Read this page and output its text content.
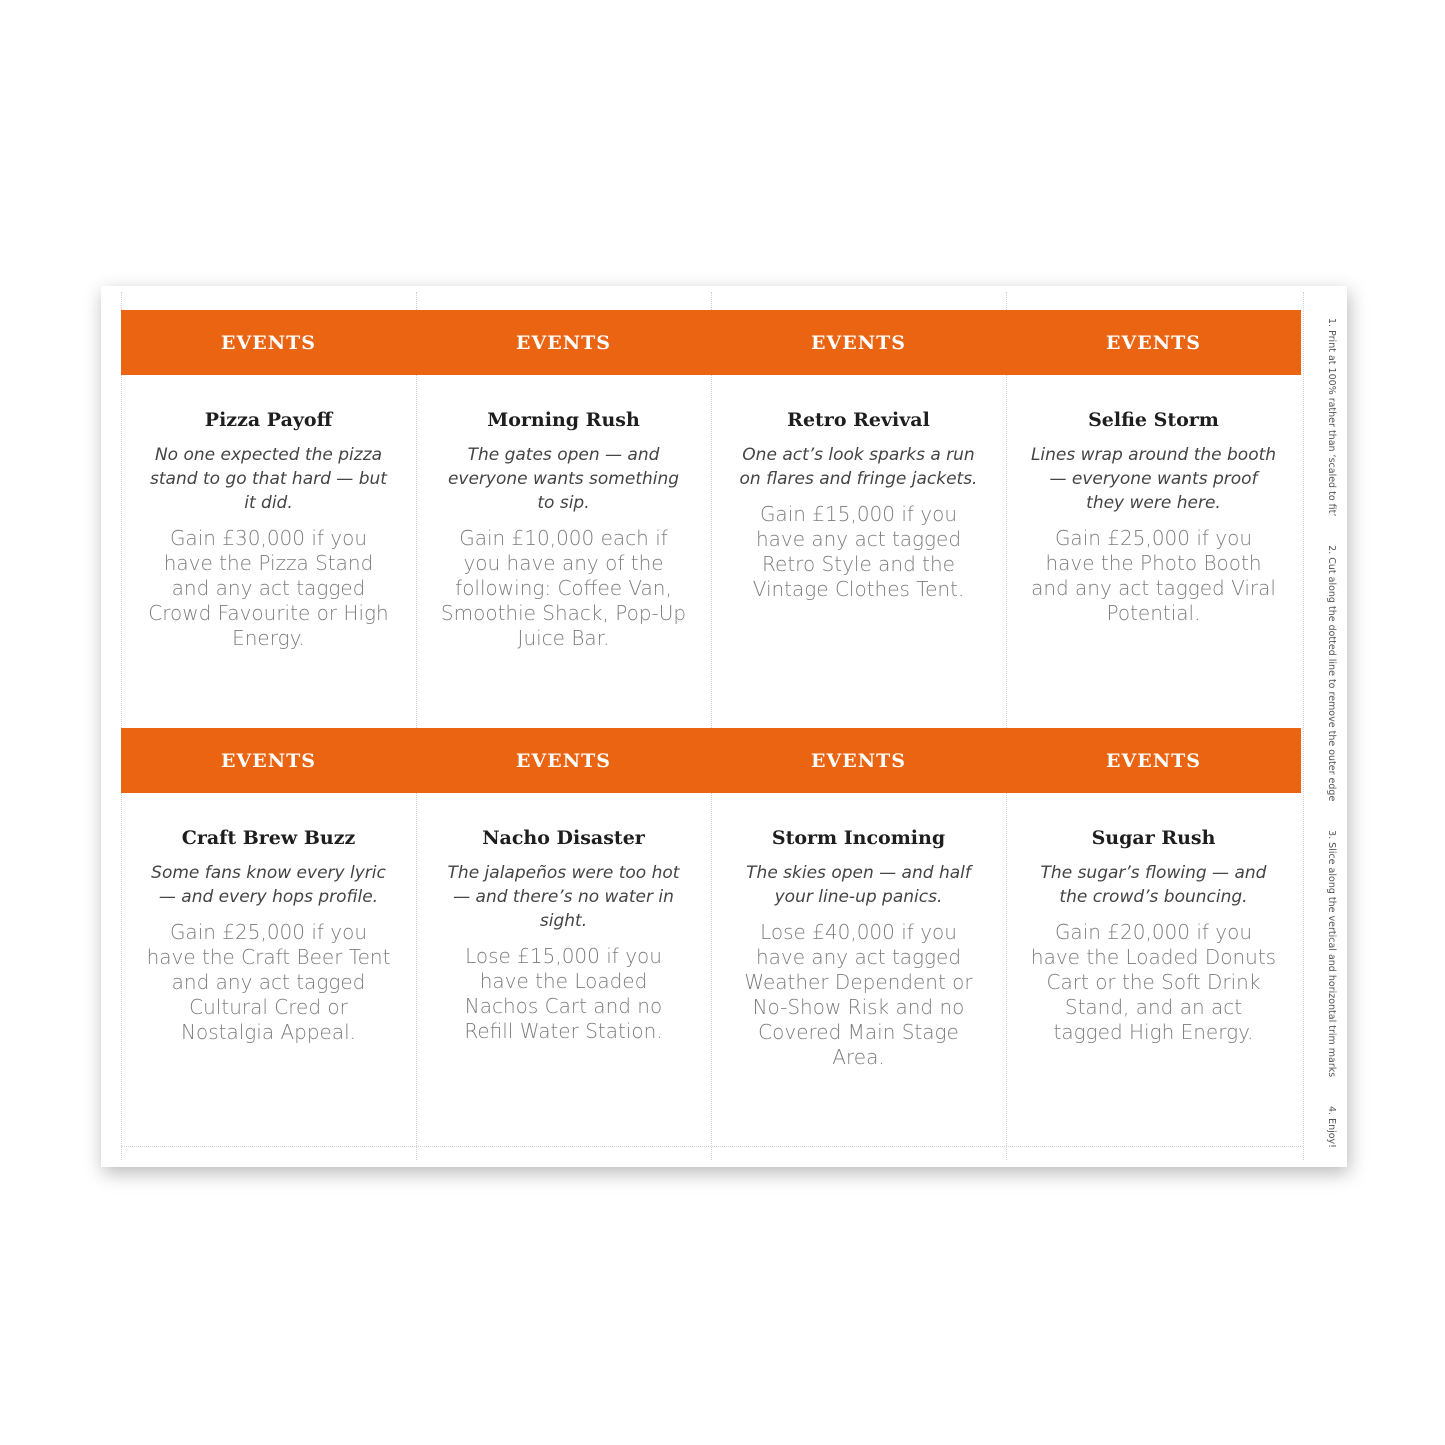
EVENTS
Pizza Payoff
No one expected the pizza stand to go that hard — but it did.
Gain £30,000 if you have the Pizza Stand and any act tagged Crowd Favourite or High Energy.
EVENTS
Morning Rush
The gates open — and everyone wants something to sip.
Gain £10,000 each if you have any of the following: Coffee Van, Smoothie Shack, Pop-Up Juice Bar.
EVENTS
Retro Revival
One act’s look sparks a run on flares and fringe jackets.
Gain £15,000 if you have any act tagged Retro Style and the Vintage Clothes Tent.
EVENTS
Selfie Storm
Lines wrap around the booth — everyone wants proof they were here.
Gain £25,000 if you have the Photo Booth and any act tagged Viral Potential.
EVENTS
Craft Brew Buzz
Some fans know every lyric — and every hops profile.
Gain £25,000 if you have the Craft Beer Tent and any act tagged Cultural Cred or Nostalgia Appeal.
EVENTS
Nacho Disaster
The jalapeños were too hot — and there’s no water in sight.
Lose £15,000 if you have the Loaded Nachos Cart and no Refill Water Station.
EVENTS
Storm Incoming
The skies open — and half your line-up panics.
Lose £40,000 if you have any act tagged Weather Dependent or No-Show Risk and no Covered Main Stage Area.
EVENTS
Sugar Rush
The sugar’s flowing — and the crowd’s bouncing.
Gain £20,000 if you have the Loaded Donuts Cart or the Soft Drink Stand, and an act tagged High Energy.
1. Print at 100% rather than ‘scaled to fit’
2. Cut along the dotted line to remove the outer edge
3. Slice along the vertical and horizontal trim marks
4. Enjoy!
